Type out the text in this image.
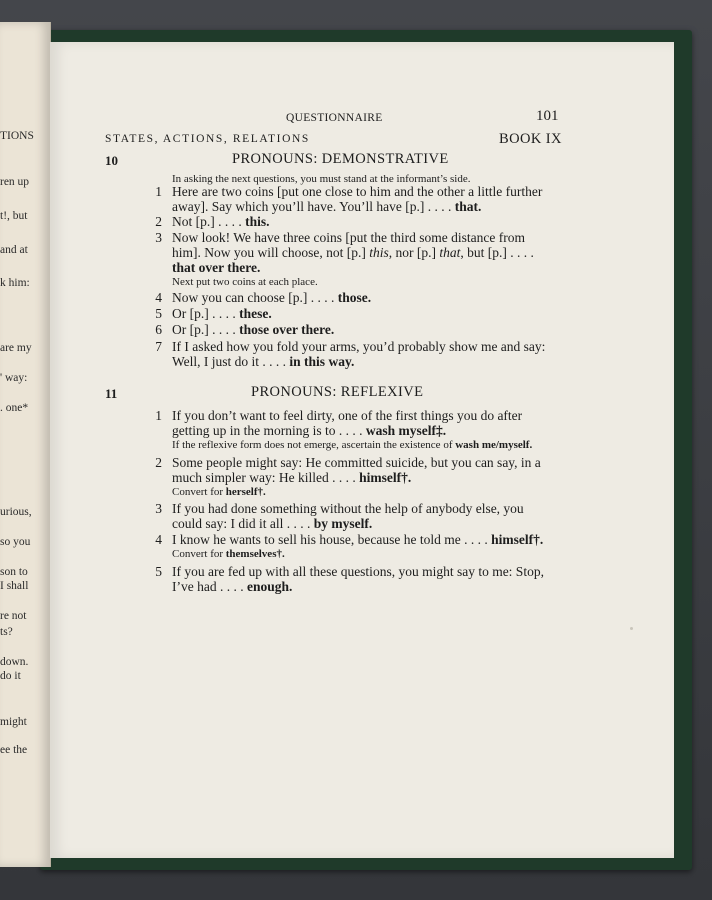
TIONS
ren up
t!, but
and at
k him:
are my
' way:
. one*
urious,
so you
son to
I shall
re not
ts?
down.
do it
might
ee the
QUESTIONNAIRE	101
STATES, ACTIONS, RELATIONS	BOOK IX
10	PRONOUNS: DEMONSTRATIVE
In asking the next questions, you must stand at the informant’s side.
1 Here are two coins [put one close to him and the other a little further away]. Say which you’ll have. You’ll have [p.] . . . . that.
2 Not [p.] . . . . this.
3 Now look! We have three coins [put the third some distance from him]. Now you will choose, not [p.] this, nor [p.] that, but [p.] . . . . that over there.
Next put two coins at each place.
4 Now you can choose [p.] . . . . those.
5 Or [p.] . . . . these.
6 Or [p.] . . . . those over there.
7 If I asked how you fold your arms, you’d probably show me and say: Well, I just do it . . . . in this way.
11	PRONOUNS: REFLEXIVE
1 If you don’t want to feel dirty, one of the first things you do after getting up in the morning is to . . . . wash myself‡.
If the reflexive form does not emerge, ascertain the existence of wash me/myself.
2 Some people might say: He committed suicide, but you can say, in a much simpler way: He killed . . . . himself†.
Convert for herself†.
3 If you had done something without the help of anybody else, you could say: I did it all . . . . by myself.
4 I know he wants to sell his house, because he told me . . . . himself†.
Convert for themselves†.
5 If you are fed up with all these questions, you might say to me: Stop, I’ve had . . . . enough.
